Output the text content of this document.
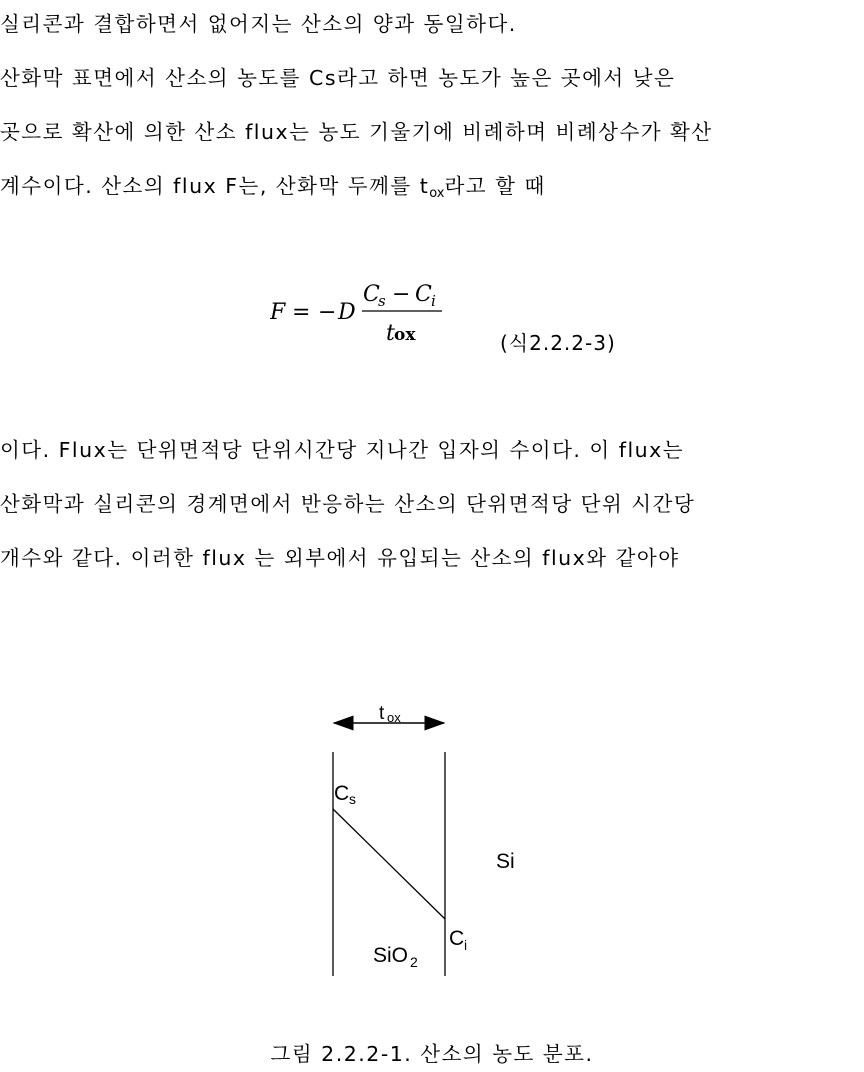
실리콘과 결합하면서 없어지는 산소의 양과 동일하다.
산화막 표면에서 산소의 농도를 Cs라고 하면 농도가 높은 곳에서 낮은
곳으로 확산에 의한 산소 flux는 농도 기울기에 비례하며 비례상수가 확산
계수이다. 산소의 flux F는, 산화막 두께를 tox라고 할 때
F = − D
C
s − C i
t ox	(식2.2.2-3)
이다. Flux는 단위면적당 단위시간당 지나간 입자의 수이다. 이 flux는
산화막과 실리콘의 경계면에서 반응하는 산소의 단위면적당 단위 시간당
개수와 같다. 이러한 flux 는 외부에서 유입되는 산소의 flux와 같아야
t ox
C s
C i
Si
SiO 2
그림 2.2.2-1. 산소의 농도 분포.
